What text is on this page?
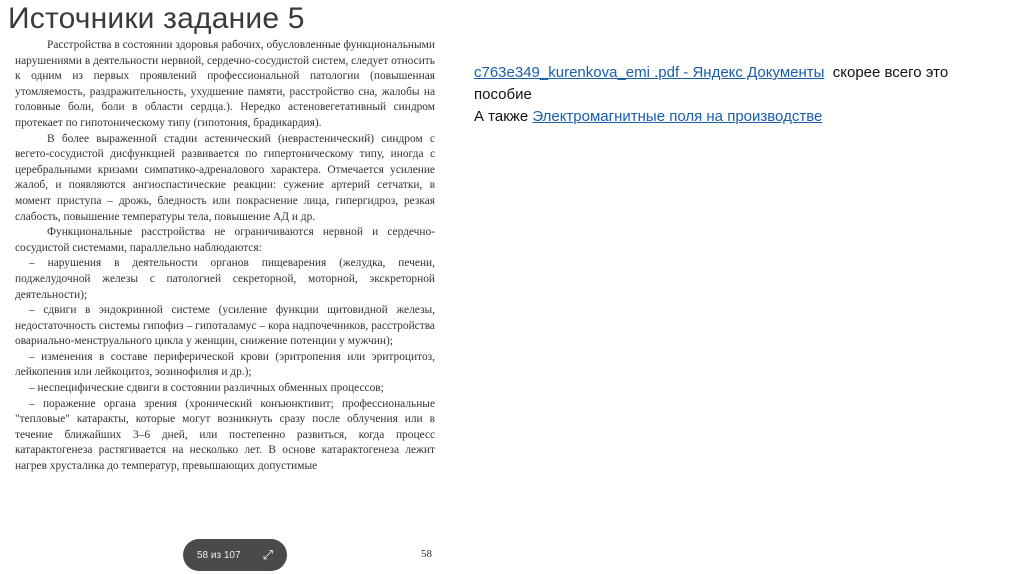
Источники задание 5

Расстройства в состоянии здоровья рабочих, обусловленные функциональными нарушениями в деятельности нервной, сердечно-сосудистой систем, следует относить к одним из первых проявлений профессиональной патологии (повышенная утомляемость, раздражительность, ухудшение памяти, расстройство сна, жалобы на головные боли, боли в области сердца.). Нередко астеновегетативный синдром протекает по гипотоническому типу (гипотония, брадикардия).

В более выраженной стадии астенический (неврастенический) синдром с вегето-сосудистой дисфункцией развивается по гипертоническому типу, иногда с церебральными кризами симпатико-адреналового характера. Отмечается усиление жалоб, и появляются ангиоспастические реакции: сужение артерий сетчатки, в момент приступа – дрожь, бледность или покраснение лица, гипергидроз, резкая слабость, повышение температуры тела, повышение АД и др.

Функциональные расстройства не ограничиваются нервной и сердечно-сосудистой системами, параллельно наблюдаются:

– нарушения в деятельности органов пищеварения (желудка, печени, поджелудочной железы с патологией секреторной, моторной, экскреторной деятельности);

– сдвиги в эндокринной системе (усиление функции щитовидной железы, недостаточность системы гипофиз – гипоталамус – кора надпочечников, расстройства овариально-менструального цикла у женщин, снижение потенции у мужчин);

– изменения в составе периферической крови (эритропения или эритроцитоз, лейкопения или лейкоцитоз, эозинофилия и др.);

– неспецифические сдвиги в состоянии различных обменных процессов;

– поражение органа зрения (хронический конъюнктивит; профессиональные "тепловые" катаракты, которые могут возникнуть сразу после облучения или в течение ближайших 3–6 дней, или постепенно развиться, когда процесс катарактогенеза растягивается на несколько лет. В основе катарактогенеза лежит нагрев хрусталика до температур, превышающих допустимые

58 из 107 ⤢	58
c763e349_kurenkova_emi .pdf - Яндекс Документы  скорее всего это пособие
А также Электромагнитные поля на производстве
